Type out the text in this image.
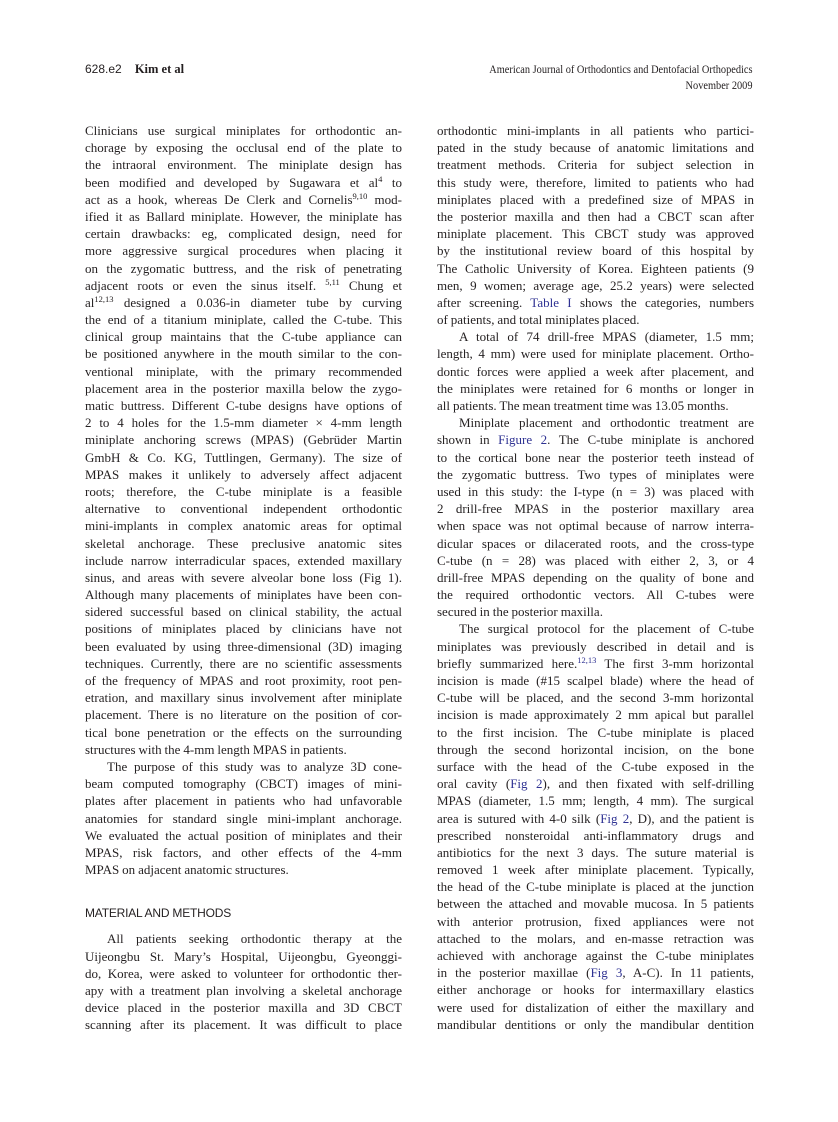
628.e2 Kim et al	American Journal of Orthodontics and Dentofacial Orthopedics
November 2009
Clinicians use surgical miniplates for orthodontic an-
chorage by exposing the occlusal end of the plate to
the intraoral environment. The miniplate design has
been modified and developed by Sugawara et $al^4$ to
act as a hook, whereas De Clerk and Cornelis$^{9,10}$ mod-
ified it as Ballard miniplate. However, the miniplate has
certain drawbacks: eg, complicated design, need for
more aggressive surgical procedures when placing it
on the zygomatic buttress, and the risk of penetrating
adjacent roots or even the sinus itself. $^{5,11}$ Chung et
al$^{12,13}$ designed a 0.036-in diameter tube by curving
the end of a titanium miniplate, called the C-tube. This
clinical group maintains that the C-tube appliance can
be positioned anywhere in the mouth similar to the con-
ventional miniplate, with the primary recommended
placement area in the posterior maxilla below the zygo-
matic buttress. Different C-tube designs have options of
2 to 4 holes for the 1.5-mm diameter × 4-mm length
miniplate anchoring screws (MPAS) (Gebrüder Martin
GmbH & Co. KG, Tuttlingen, Germany). The size of
MPAS makes it unlikely to adversely affect adjacent
roots; therefore, the C-tube miniplate is a feasible
alternative to conventional independent orthodontic
mini-implants in complex anatomic areas for optimal
skeletal anchorage. These preclusive anatomic sites
include narrow interradicular spaces, extended maxillary
sinus, and areas with severe alveolar bone loss (Fig 1).
Although many placements of miniplates have been con-
sidered successful based on clinical stability, the actual
positions of miniplates placed by clinicians have not
been evaluated by using three-dimensional (3D) imaging
techniques. Currently, there are no scientific assessments
of the frequency of MPAS and root proximity, root pen-
etration, and maxillary sinus involvement after miniplate
placement. There is no literature on the position of cor-
tical bone penetration or the effects on the surrounding
structures with the 4-mm length MPAS in patients.
The purpose of this study was to analyze 3D cone-
beam computed tomography (CBCT) images of mini-
plates after placement in patients who had unfavorable
anatomies for standard single mini-implant anchorage.
We evaluated the actual position of miniplates and their
MPAS, risk factors, and other effects of the 4-mm
MPAS on adjacent anatomic structures.
MATERIAL AND METHODS
All patients seeking orthodontic therapy at the
Uijeongbu St. Mary’s Hospital, Uijeongbu, Gyeonggi-
do, Korea, were asked to volunteer for orthodontic ther-
apy with a treatment plan involving a skeletal anchorage
device placed in the posterior maxilla and 3D CBCT
scanning after its placement. It was difficult to place
orthodontic mini-implants in all patients who partici-
pated in the study because of anatomic limitations and
treatment methods. Criteria for subject selection in
this study were, therefore, limited to patients who had
miniplates placed with a predefined size of MPAS in
the posterior maxilla and then had a CBCT scan after
miniplate placement. This CBCT study was approved
by the institutional review board of this hospital by
The Catholic University of Korea. Eighteen patients (9
men, 9 women; average age, 25.2 years) were selected
after screening. Table I shows the categories, numbers
of patients, and total miniplates placed.
A total of 74 drill-free MPAS (diameter, 1.5 mm;
length, 4 mm) were used for miniplate placement. Ortho-
dontic forces were applied a week after placement, and
the miniplates were retained for 6 months or longer in
all patients. The mean treatment time was 13.05 months.
Miniplate placement and orthodontic treatment are
shown in Figure 2. The C-tube miniplate is anchored
to the cortical bone near the posterior teeth instead of
the zygomatic buttress. Two types of miniplates were
used in this study: the I-type (n = 3) was placed with
2 drill-free MPAS in the posterior maxillary area
when space was not optimal because of narrow interra-
dicular spaces or dilacerated roots, and the cross-type
C-tube (n = 28) was placed with either 2, 3, or 4
drill-free MPAS depending on the quality of bone and
the required orthodontic vectors. All C-tubes were
secured in the posterior maxilla.
The surgical protocol for the placement of C-tube
miniplates was previously described in detail and is
briefly summarized here.$^{12,13}$ The first 3-mm horizontal
incision is made (#15 scalpel blade) where the head of
C-tube will be placed, and the second 3-mm horizontal
incision is made approximately 2 mm apical but parallel
to the first incision. The C-tube miniplate is placed
through the second horizontal incision, on the bone
surface with the head of the C-tube exposed in the
oral cavity (Fig 2), and then fixated with self-drilling
MPAS (diameter, 1.5 mm; length, 4 mm). The surgical
area is sutured with 4-0 silk (Fig 2, D), and the patient is
prescribed nonsteroidal anti-inflammatory drugs and
antibiotics for the next 3 days. The suture material is
removed 1 week after miniplate placement. Typically,
the head of the C-tube miniplate is placed at the junction
between the attached and movable mucosa. In 5 patients
with anterior protrusion, fixed appliances were not
attached to the molars, and en-masse retraction was
achieved with anchorage against the C-tube miniplates
in the posterior maxillae (Fig 3, A-C). In 11 patients,
either anchorage or hooks for intermaxillary elastics
were used for distalization of either the maxillary and
mandibular dentitions or only the mandibular dentition
